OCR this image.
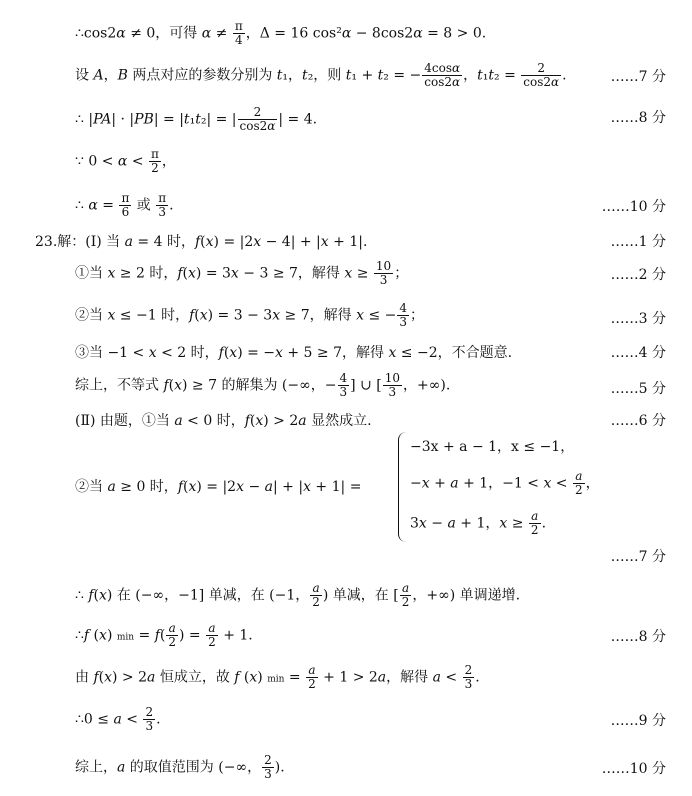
∴cos2α ≠ 0，可得 $\alpha \ne \frac{\pi}{4}$ ，Δ = 16 cos²α − 8cos2α = 8 > 0.
设 A，B 两点对应的参数分别为 t₁，t₂，则 t₁ + t₂ = − $\frac{4\cos\alpha}{\cos 2\alpha}$ ，$t_1t_2 = \frac{2}{\cos 2\alpha}$ .	……7 分
∴ |PA| · |PB| = |t₁t₂| = | $\frac{2}{\cos 2\alpha}$ | = 4.	……8 分
∵ $0 < \alpha < \frac{\pi}{2}$ ，
∴ $\alpha = \frac{\pi}{6}$ 或 $\frac{\pi}{3}$ .	……10 分
23.解：(Ⅰ) 当 a = 4 时，f(x) = |2x − 4| + |x + 1|.	……1 分
①当 x ≥ 2 时，f(x) = 3x − 3 ≥ 7，解得 $x \ge \frac{10}{3}$ ；	……2 分
②当 x ≤ −1 时，f(x) = 3 − 3x ≥ 7，解得 x ≤ − $\frac{4}{3}$ ；	……3 分
③当 −1 < x < 2 时，f(x) = −x + 5 ≥ 7，解得 x ≤ −2，不合题意.	……4 分
综上，不等式 f(x) ≥ 7 的解集为 (−∞，− $\frac{4}{3}$ ] ∪ [ $\frac{10}{3}$ ，+∞).	……5 分
(Ⅱ) 由题，①当 a < 0 时，f(x) > 2a 显然成立.	……6 分
②当 a ≥ 0 时，f(x) = |2x − a| + |x + 1| =
−3x + a − 1，x ≤ −1，
−x + a + 1，$-1 < x < \frac{a}{2}$ ，
3x − a + 1，$x \ge \frac{a}{2}$ .
……7 分
∴ f(x) 在 (−∞，−1] 单减，在 (−1， $\frac{a}{2}$ ) 单减，在 [ $\frac{a}{2}$ ，+∞) 单调递增.
∴f (x) $\min = f( \frac{a}{2}$ ) = $\frac{a}{2} + 1$.	……8 分
由 f(x) > 2a 恒成立，故 f (x) $\min = \frac{a}{2} + 1 > 2a$，解得 $a < \frac{2}{3}$ .
∴0 ≤ $a < \frac{2}{3}$ .	……9 分
综上，a 的取值范围为 (−∞， $\frac{2}{3}$ ).	……10 分
